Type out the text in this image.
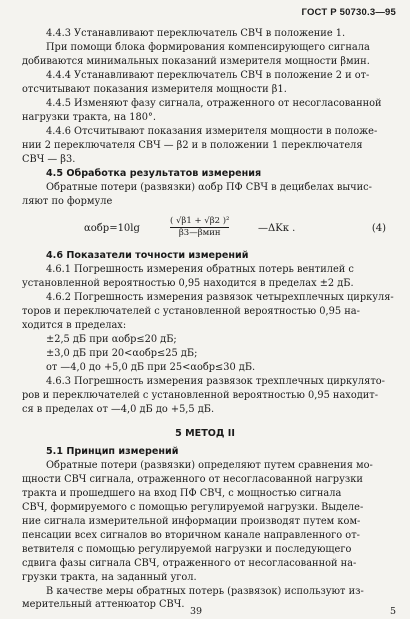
ГОСТ Р 50730.3—95
4.4.3 Устанавливают переключатель СВЧ в положение 1.
При помощи блока формирования компенсирующего сигнала
добиваются минимальных показаний измерителя мощности βмин.
4.4.4 Устанавливают переключатель СВЧ в положение 2 и от-
отсчитывают показания измерителя мощности β1.
4.4.5 Изменяют фазу сигнала, отраженного от несогласованной
нагрузки тракта, на 180°.
4.4.6 Отсчитывают показания измерителя мощности в положе-
нии 2 переключателя СВЧ — β2 и в положении 1 переключателя
СВЧ — β3.
4.5 Обработка результатов измерения
Обратные потери (развязки) αобр ПФ СВЧ в децибелах вычис-
ляют по формуле
αобр=10lg
( √β1 + √β2 )²
β3—βмин	—ΔKк .	(4)
4.6 Показатели точности измерений
4.6.1 Погрешность измерения обратных потерь вентилей с
установленной вероятностью 0,95 находится в пределах ±2 дБ.
4.6.2 Погрешность измерения развязок четырехплечных циркуля-
торов и переключателей с установленной вероятностью 0,95 на-
ходится в пределах:
±2,5 дБ при αобр≤20 дБ;
±3,0 дБ при 20<αобр≤25 дБ;
от —4,0 до +5,0 дБ при 25<αобр≤30 дБ.
4.6.3 Погрешность измерения развязок трехплечных циркулято-
ров и переключателей с установленной вероятностью 0,95 находит-
ся в пределах от —4,0 дБ до +5,5 дБ.
5 МЕТОД II
5.1 Принцип измерений
Обратные потери (развязки) определяют путем сравнения мо-
щности СВЧ сигнала, отраженного от несогласованной нагрузки
тракта и прошедшего на вход ПФ СВЧ, с мощностью сигнала
СВЧ, формируемого с помощью регулируемой нагрузки. Выделе-
ние сигнала измерительной информации производят путем ком-
пенсации всех сигналов во вторичном канале направленного от-
ветвителя с помощью регулируемой нагрузки и последующего
сдвига фазы сигнала СВЧ, отраженного от несогласованной на-
грузки тракта, на заданный угол.
39	5
В качестве меры обратных потерь (развязок) используют из-
мерительный аттенюатор СВЧ.
